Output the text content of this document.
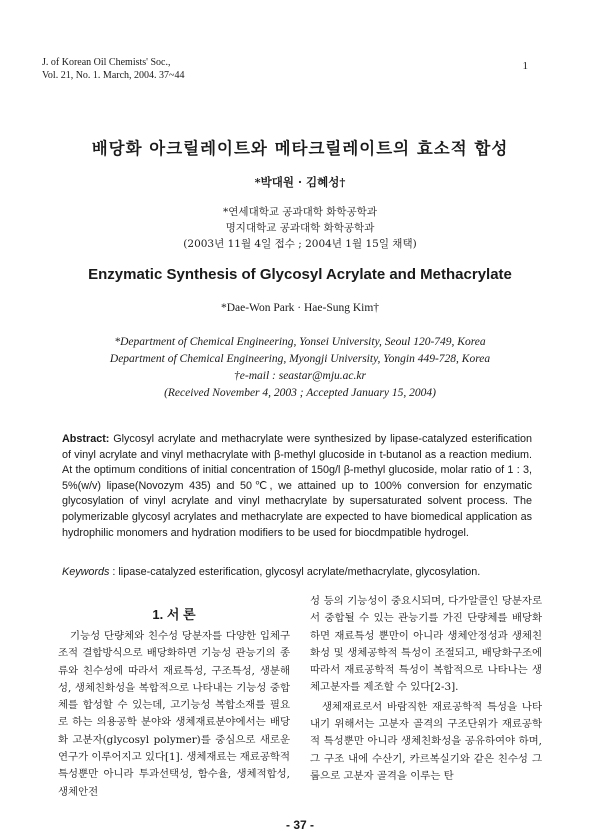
J. of Korean Oil Chemists' Soc.,
Vol. 21, No. 1. March, 2004. 37~44
1
배당화 아크릴레이트와 메타크릴레이트의 효소적 합성
*박대원 · 김혜성†
*연세대학교 공과대학 화학공학과
명지대학교 공과대학 화학공학과
(2003년 11월 4일 접수 ; 2004년 1월 15일 채택)
Enzymatic Synthesis of Glycosyl Acrylate and Methacrylate
*Dae-Won Park · Hae-Sung Kim†
*Department of Chemical Engineering, Yonsei University, Seoul 120-749, Korea
Department of Chemical Engineering, Myongji University, Yongin 449-728, Korea
†e-mail : seastar@mju.ac.kr
(Received November 4, 2003 ; Accepted January 15, 2004)
Abstract: Glycosyl acrylate and methacrylate were synthesized by lipase-catalyzed esterification of vinyl acrylate and vinyl methacrylate with β-methyl glucoside in t-butanol as a reaction medium. At the optimum conditions of initial concentration of 150g/l β-methyl glucoside, molar ratio of 1 : 3, 5%(w/v) lipase(Novozym 435) and 50℃, we attained up to 100% conversion for enzymatic glycosylation of vinyl acrylate and vinyl methacrylate by supersaturated solvent process. The polymerizable glycosyl acrylates and methacrylate are expected to have biomedical application as hydrophilic monomers and hydration modifiers to be used for biocdmpatible hydrogel.
Keywords : lipase-catalyzed esterification, glycosyl acrylate/methacrylate, glycosylation.
1. 서 론

기능성 단량체와 친수성 당분자를 다양한 입체구조적 결합방식으로 배당화하면 기능성 관능기의 종류와 친수성에 따라서 재료특성, 구조특성, 생분해성, 생체친화성을 복합적으로 나타내는 기능성 중합체를 합성할 수 있는데, 고기능성 복합소재를 필요로 하는 의용공학 분야와 생체재료분야에서는 배당화 고분자(glycosyl polymer)를 중심으로 새로운 연구가 이루어지고 있다[1]. 생체재료는 재료공학적 특성뿐만 아니라 투과선택성, 함수율, 생체적합성, 생체안전

성 등의 기능성이 중요시되며, 다가알콜인 당분자로서 중합될 수 있는 관능기를 가진 단량체를 배당화하면 재료특성 뿐만이 아니라 생체안정성과 생체친화성 및 생체공학적 특성이 조절되고, 배당화구조에 따라서 재료공학적 특성이 복합적으로 나타나는 생체고분자를 제조할 수 있다[2-3].

생체재료로서 바람직한 재료공학적 특성을 나타내기 위해서는 고분자 골격의 구조단위가 재료공학적 특성뿐만 아니라 생체친화성을 공유하여야 하며, 그 구조 내에 수산기, 카르복실기와 같은 친수성 그룹으로 고분자 골격을 이루는 탄

- 37 -
